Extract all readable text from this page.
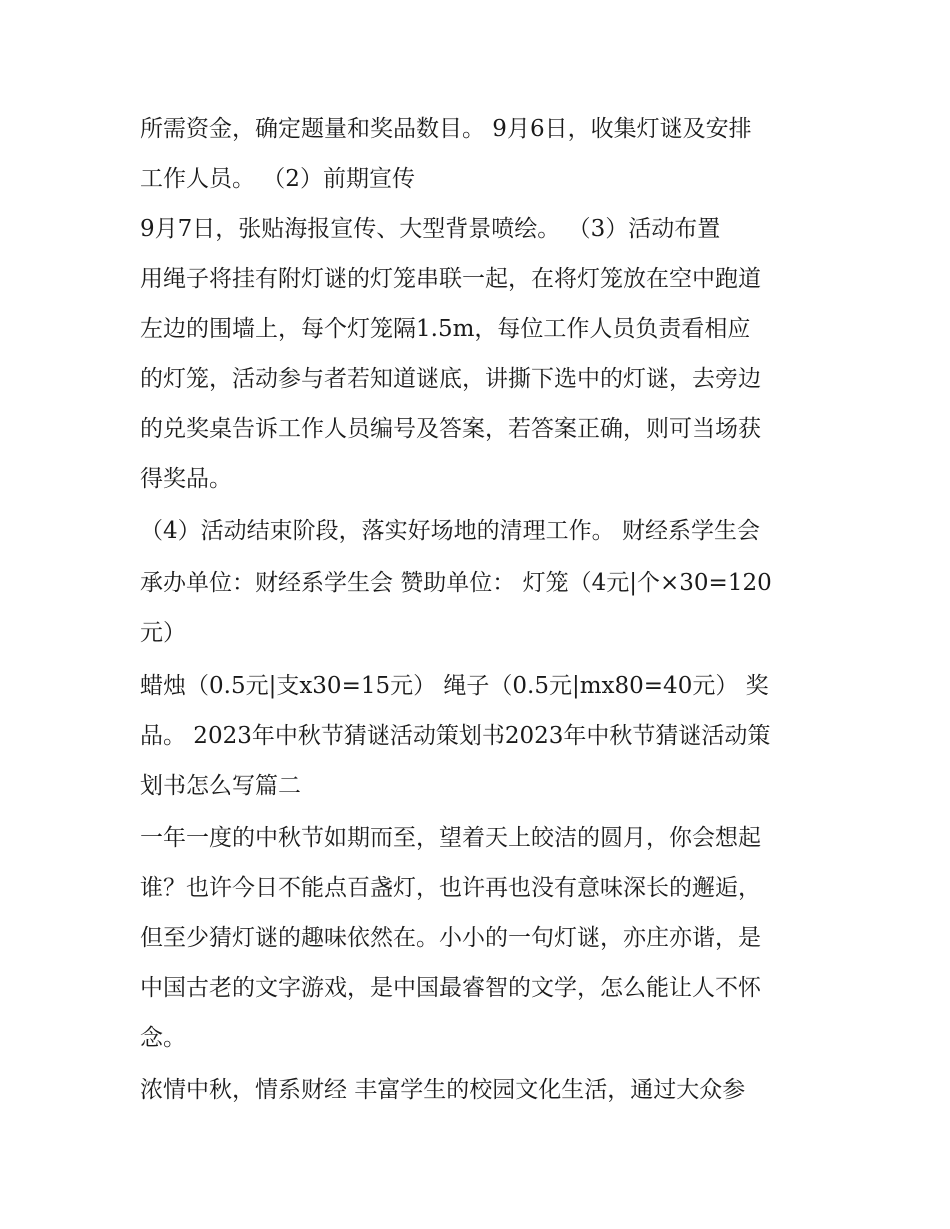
所需资金，确定题量和奖品数目。 9月6日，收集灯谜及安排
工作人员。 （2）前期宣传
9月7日，张贴海报宣传、大型背景喷绘。 （3）活动布置
用绳子将挂有附灯谜的灯笼串联一起，在将灯笼放在空中跑道
左边的围墙上，每个灯笼隔1.5m，每位工作人员负责看相应
的灯笼，活动参与者若知道谜底，讲撕下选中的灯谜，去旁边
的兑奖桌告诉工作人员编号及答案，若答案正确，则可当场获
得奖品。
（4）活动结束阶段，落实好场地的清理工作。 财经系学生会
承办单位：财经系学生会 赞助单位： 灯笼（4元|个×30=120
元）
蜡烛（0.5元|支x30=15元） 绳子（0.5元|mx80=40元） 奖
品。 2023年中秋节猜谜活动策划书2023年中秋节猜谜活动策
划书怎么写篇二
一年一度的中秋节如期而至，望着天上皎洁的圆月，你会想起
谁？也许今日不能点百盏灯，也许再也没有意味深长的邂逅，
但至少猜灯谜的趣味依然在。小小的一句灯谜，亦庄亦谐，是
中国古老的文字游戏，是中国最睿智的文学，怎么能让人不怀
念。
浓情中秋，情系财经 丰富学生的校园文化生活，通过大众参
